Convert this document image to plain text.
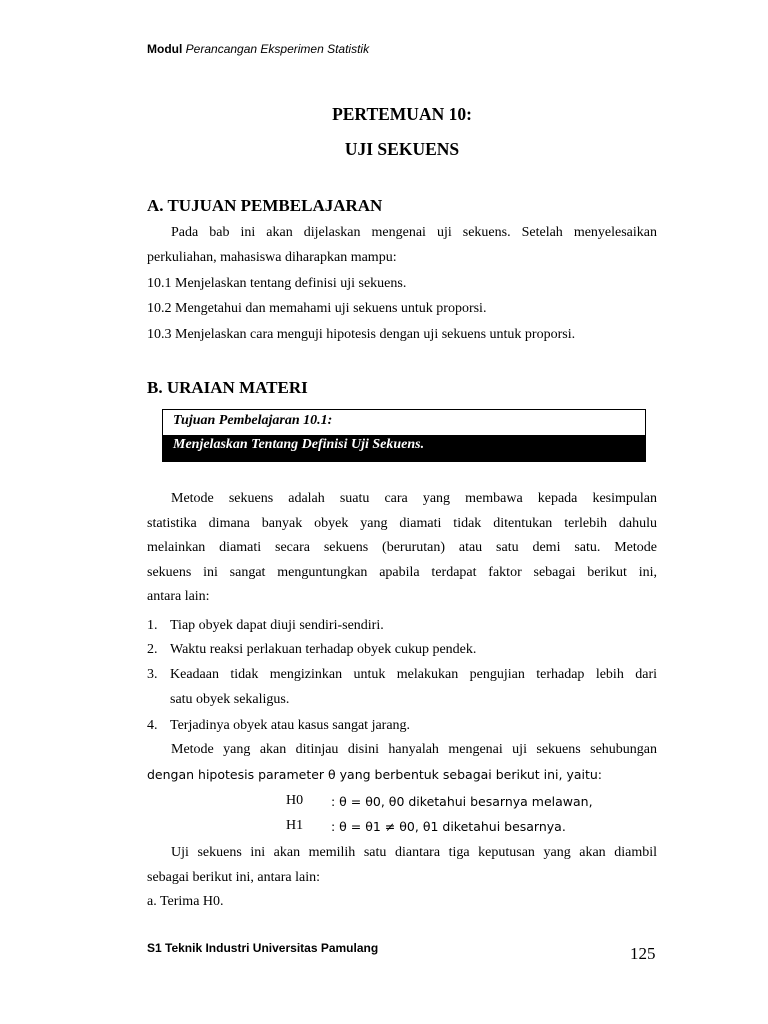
Modul Perancangan Eksperimen Statistik
PERTEMUAN 10:
UJI SEKUENS
A. TUJUAN PEMBELAJARAN
Pada bab ini akan dijelaskan mengenai uji sekuens. Setelah menyelesaikan
perkuliahan, mahasiswa diharapkan mampu:
10.1 Menjelaskan tentang definisi uji sekuens.
10.2 Mengetahui dan memahami uji sekuens untuk proporsi.
10.3 Menjelaskan cara menguji hipotesis dengan uji sekuens untuk proporsi.
B. URAIAN MATERI
Tujuan Pembelajaran 10.1:
Menjelaskan Tentang Definisi Uji Sekuens.
Metode sekuens adalah suatu cara yang membawa kepada kesimpulan
statistika dimana banyak obyek yang diamati tidak ditentukan terlebih dahulu
melainkan diamati secara sekuens (berurutan) atau satu demi satu. Metode
sekuens ini sangat menguntungkan apabila terdapat faktor sebagai berikut ini,
antara lain:
1. Tiap obyek dapat diuji sendiri-sendiri.
2. Waktu reaksi perlakuan terhadap obyek cukup pendek.
3. Keadaan tidak mengizinkan untuk melakukan pengujian terhadap lebih dari
satu obyek sekaligus.
4. Terjadinya obyek atau kasus sangat jarang.
Metode yang akan ditinjau disini hanyalah mengenai uji sekuens sehubungan
dengan hipotesis parameter θ yang berbentuk sebagai berikut ini, yaitu:
H0 : θ = θ0, θ0 diketahui besarnya melawan,
H1 : θ = θ1 ≠ θ0, θ1 diketahui besarnya.
Uji sekuens ini akan memilih satu diantara tiga keputusan yang akan diambil
sebagai berikut ini, antara lain:
a. Terima H0.
S1 Teknik Industri Universitas Pamulang	125
